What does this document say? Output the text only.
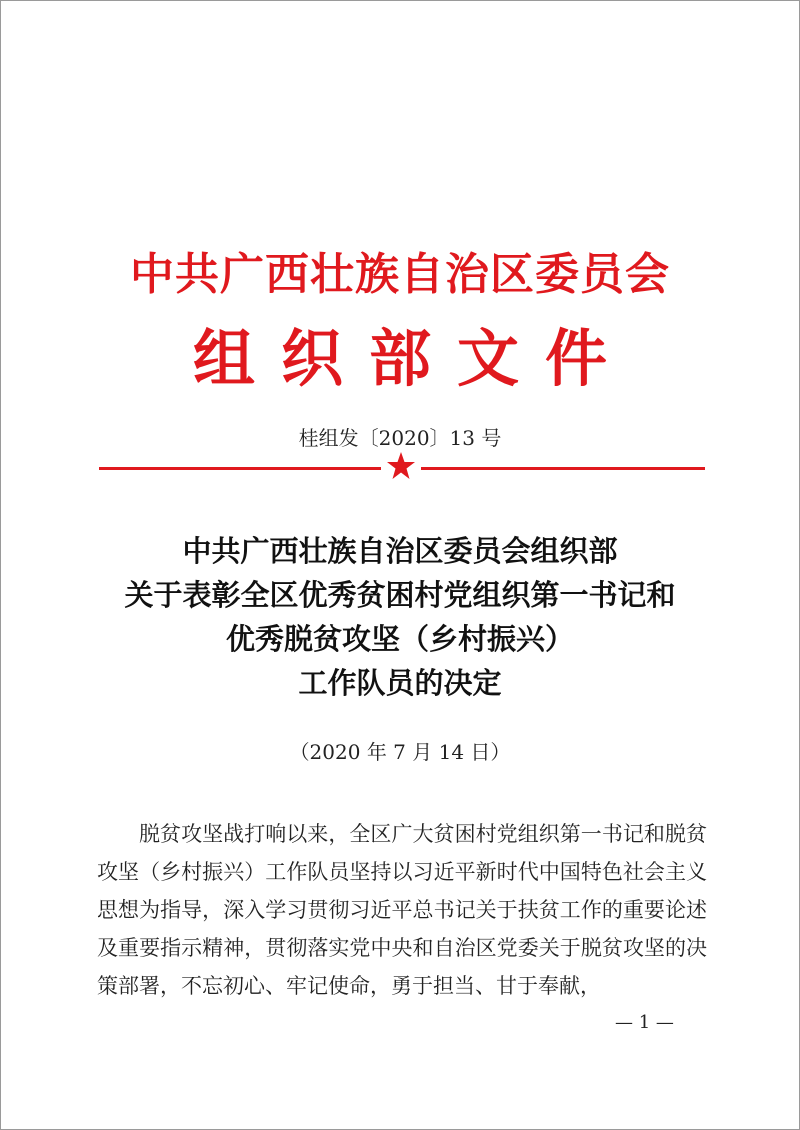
中共广西壮族自治区委员会
组织部文件
桂组发〔2020〕13 号
中共广西壮族自治区委员会组织部
关于表彰全区优秀贫困村党组织第一书记和
优秀脱贫攻坚（乡村振兴）
工作队员的决定
（2020 年 7 月 14 日）
脱贫攻坚战打响以来，全区广大贫困村党组织第一书记和脱贫攻坚（乡村振兴）工作队员坚持以习近平新时代中国特色社会主义思想为指导，深入学习贯彻习近平总书记关于扶贫工作的重要论述及重要指示精神，贯彻落实党中央和自治区党委关于脱贫攻坚的决策部署，不忘初心、牢记使命，勇于担当、甘于奉献，
— 1 —
